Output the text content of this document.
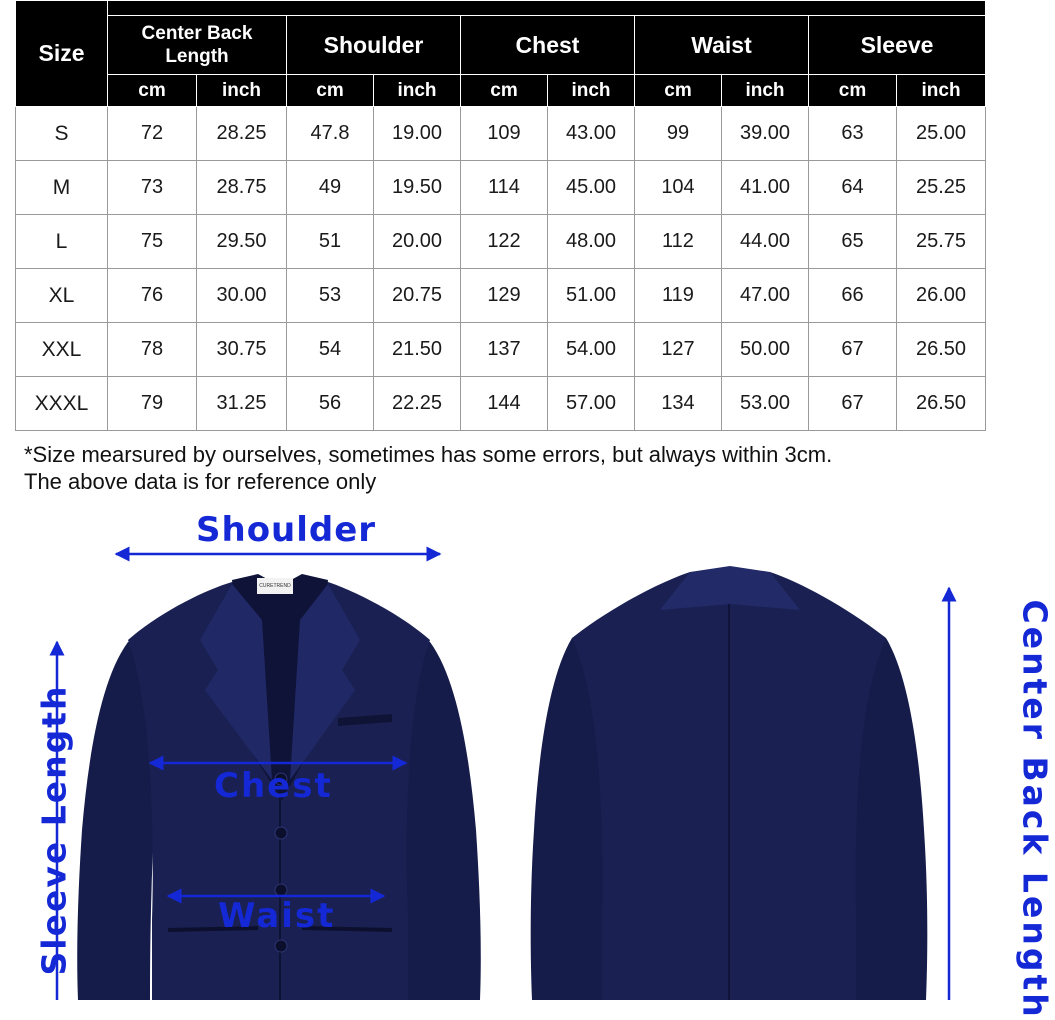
Size										
	Center Back Length		Shoulder		Chest		Waist		Sleeve	
	cm	inch	cm	inch	cm	inch	cm	inch	cm	inch
S	72	28.25	47.8	19.00	109	43.00	99	39.00	63	25.00
M	73	28.75	49	19.50	114	45.00	104	41.00	64	25.25
L	75	29.50	51	20.00	122	48.00	112	44.00	65	25.75
XL	76	30.00	53	20.75	129	51.00	119	47.00	66	26.00
XXL	78	30.75	54	21.50	137	54.00	127	50.00	67	26.50
XXXL	79	31.25	56	22.25	144	57.00	134	53.00	67	26.50
*Size mearsured by ourselves, sometimes has some errors, but always within 3cm.
The above data is for reference only
CURETREND

Shoulder

Chest

Waist

Sleeve Length	Center Back Length
